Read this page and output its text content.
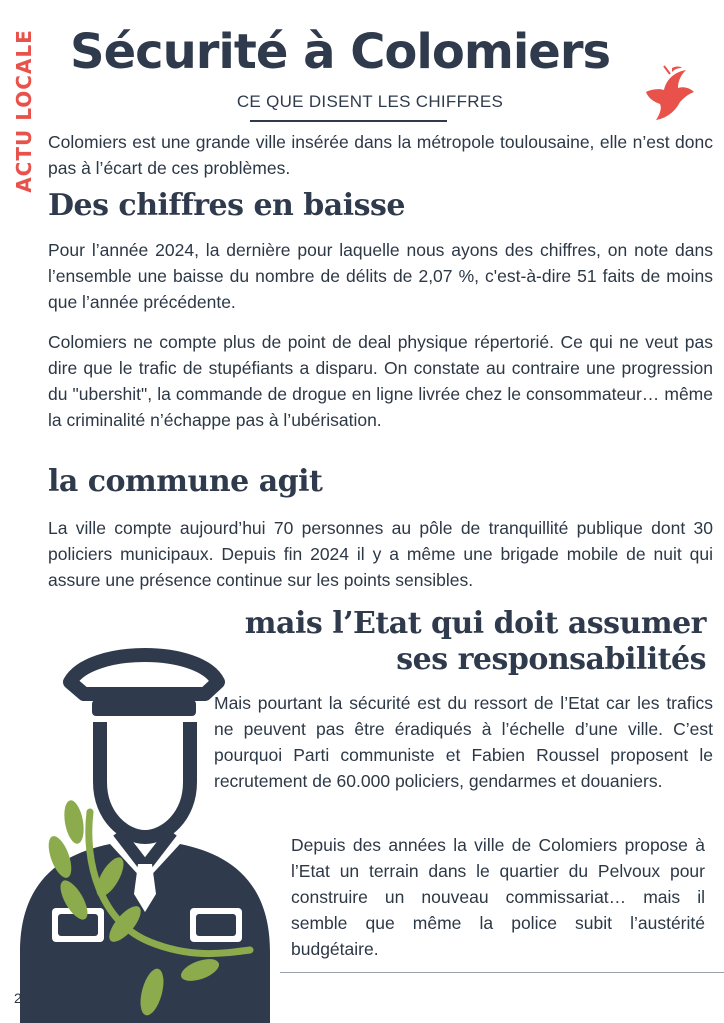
ACTU LOCALE Sécurité à Colomiers
CE QUE DISENT LES CHIFFRES

Colomiers est une grande ville insérée dans la métropole toulousaine, elle n’est donc pas à l’écart de ces problèmes.

Des chiffres en baisse

Pour l’année 2024, la dernière pour laquelle nous ayons des chiffres, on note dans l’ensemble une baisse du nombre de délits de 2,07 %, c'est-à-dire 51 faits de moins que l’année précédente.

Colomiers ne compte plus de point de deal physique répertorié. Ce qui ne veut pas dire que le trafic de stupéfiants a disparu. On constate au contraire une progression du "ubershit", la commande de drogue en ligne livrée chez le consommateur… même la criminalité n’échappe pas à l’ubérisation.

la commune agit

La ville compte aujourd’hui 70 personnes au pôle de tranquillité publique dont 30 policiers municipaux. Depuis fin 2024 il y a même une brigade mobile de nuit qui assure une présence continue sur les points sensibles.

mais l’Etat qui doit assumer
ses responsabilités

Mais pourtant la sécurité est du ressort de l’Etat car les trafics ne peuvent pas être éradiqués à l’échelle d’une ville. C’est pourquoi Parti communiste et Fabien Roussel proposent le recrutement de 60.000 policiers, gendarmes et douaniers.

Depuis des années la ville de Colomiers propose à l’Etat un terrain dans le quartier du Pelvoux pour construire un nouveau commissariat… mais il semble que même la police subit l’austérité budgétaire.

2
